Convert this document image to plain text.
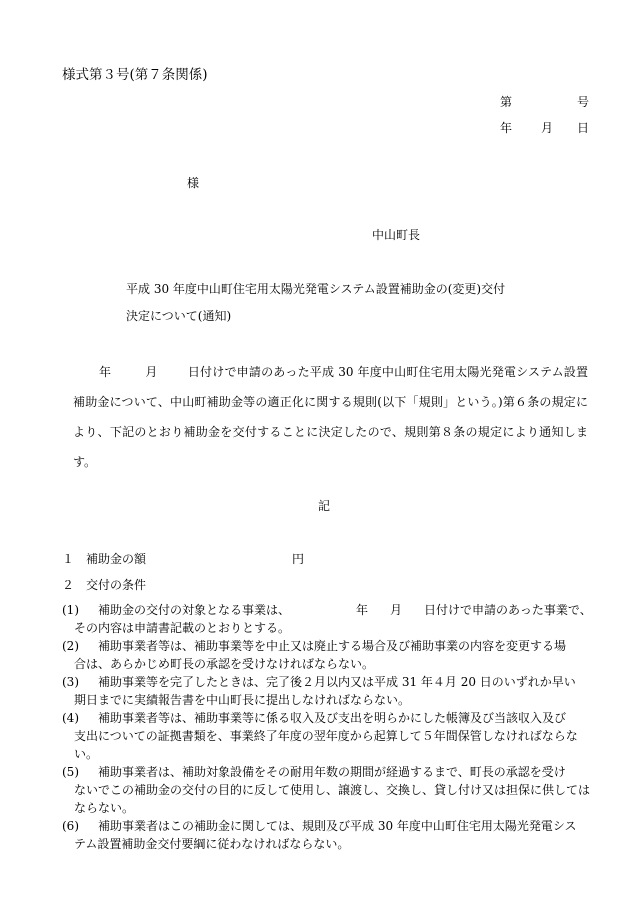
様式第３号(第７条関係)
第	号
年 月 日
様
中山町長
平成 30 年度中山町住宅用太陽光発電システム設置補助金の(変更)交付
決定について(通知)
年	月	日付けで申請のあった平成 30 年度中山町住宅用太陽光発電システム設置補助金について、中山町補助金等の適正化に関する規則(以下「規則」という。)第６条の規定により、下記のとおり補助金を交付することに決定したので、規則第８条の規定により通知します。
記
１　補助金の額	円
２　交付の条件
(1) 補助金の交付の対象となる事業は、	年 月 日付けで申請のあった事業で、
その内容は申請書記載のとおりとする。
(2) 補助事業者等は、補助事業等を中止又は廃止する場合及び補助事業の内容を変更する場
合は、あらかじめ町長の承認を受けなければならない。
(3) 補助事業等を完了したときは、完了後２月以内又は平成 31 年４月 20 日のいずれか早い
期日までに実績報告書を中山町長に提出しなければならない。
(4) 補助事業者等は、補助事業等に係る収入及び支出を明らかにした帳簿及び当該収入及び
支出についての証拠書類を、事業終了年度の翌年度から起算して５年間保管しなければならない。
(5) 補助事業者は、補助対象設備をその耐用年数の期間が経過するまで、町長の承認を受け
ないでこの補助金の交付の目的に反して使用し、譲渡し、交換し、貸し付け又は担保に供してはならない。
(6) 補助事業者はこの補助金に関しては、規則及び平成 30 年度中山町住宅用太陽光発電シス
テム設置補助金交付要綱に従わなければならない。
